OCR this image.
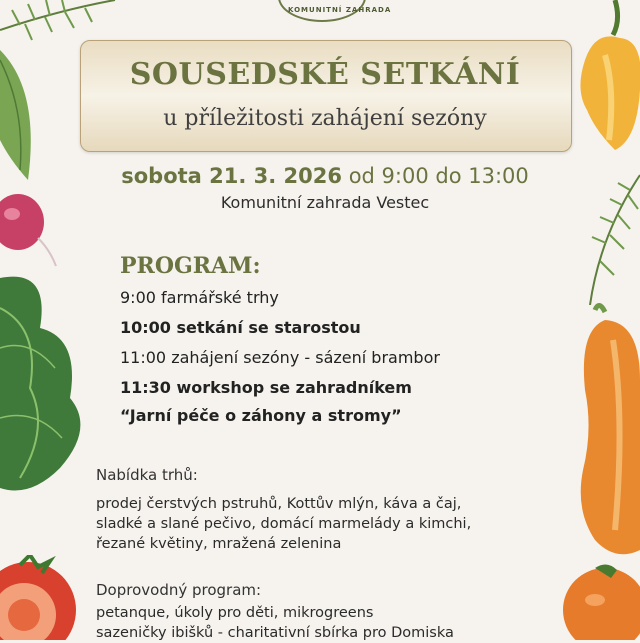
KOMUNITNÍ ZAHRADA
SOUSEDSKÉ SETKÁNÍ
u příležitosti zahájení sezóny
sobota 21. 3. 2026 od 9:00 do 13:00
Komunitní zahrada Vestec
PROGRAM:
9:00 farmářské trhy
10:00 setkání se starostou
11:00 zahájení sezóny - sázení brambor
11:30 workshop se zahradníkem
“Jarní péče o záhony a stromy”
Nabídka trhů:
prodej čerstvých pstruhů, Kottův mlýn, káva a čaj,
sladké a slané pečivo, domácí marmelády a kimchi,
řezané květiny, mražená zelenina
Doprovodný program:
petanque, úkoly pro děti, mikrogreens
sazeničky ibišků - charitativní sbírka pro Domiska
